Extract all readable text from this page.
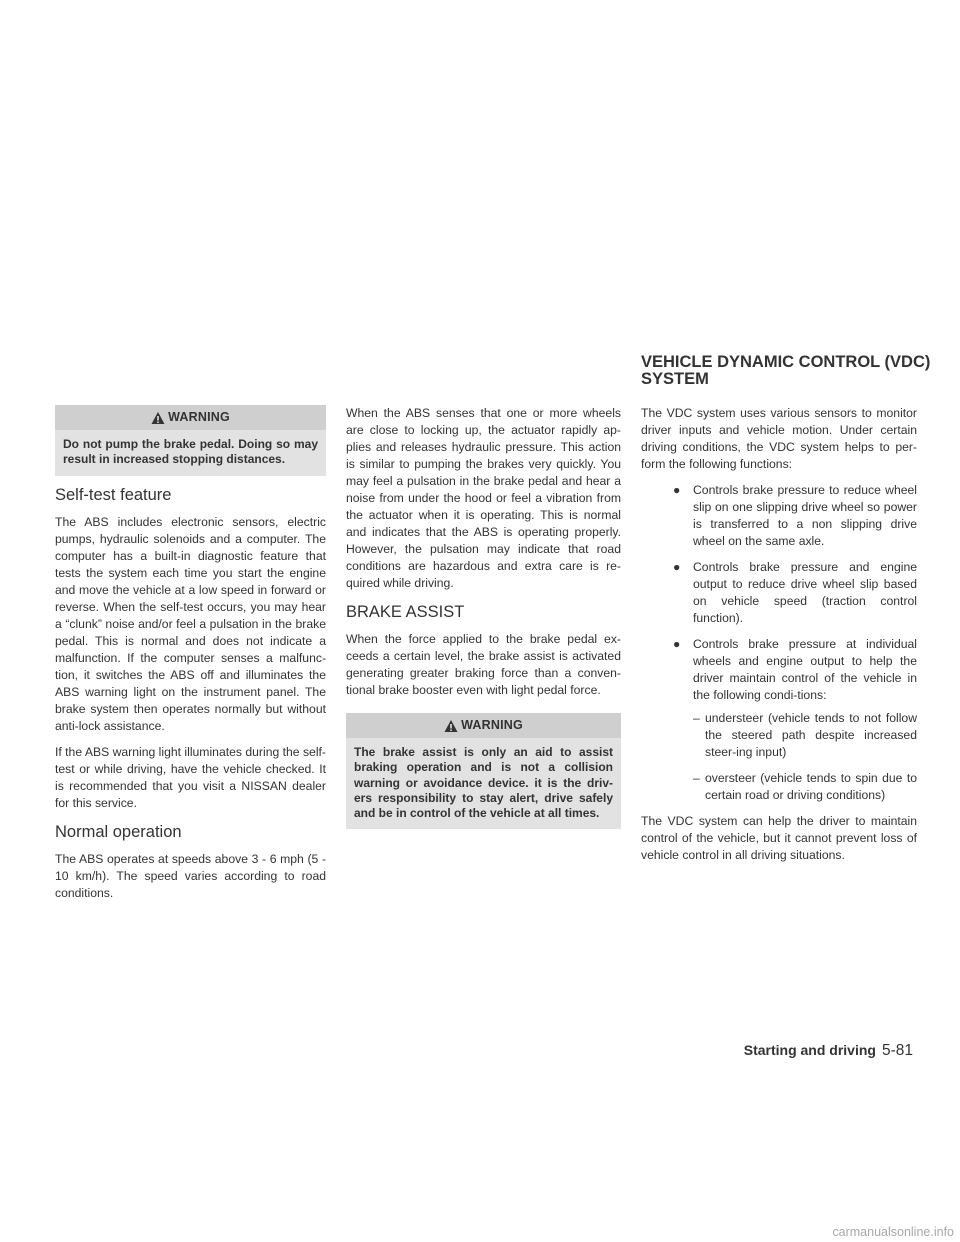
VEHICLE DYNAMIC CONTROL (VDC)
SYSTEM
WARNING
Do not pump the brake pedal. Doing so may result in increased stopping distances.
Self-test feature

The ABS includes electronic sensors, electric pumps, hydraulic solenoids and a computer. The computer has a built-in diagnostic feature that tests the system each time you start the engine and move the vehicle at a low speed in forward or reverse. When the self-test occurs, you may hear a “clunk” noise and/or feel a pulsation in the brake pedal. This is normal and does not indicate a malfunction. If the computer senses a malfunc-tion, it switches the ABS off and illuminates the ABS warning light on the instrument panel. The brake system then operates normally but without anti-lock assistance.

If the ABS warning light illuminates during the self-test or while driving, have the vehicle checked. It is recommended that you visit a NISSAN dealer for this service.

Normal operation

The ABS operates at speeds above 3 - 6 mph (5 - 10 km/h). The speed varies according to road conditions.

When the ABS senses that one or more wheels are close to locking up, the actuator rapidly ap-plies and releases hydraulic pressure. This action is similar to pumping the brakes very quickly. You may feel a pulsation in the brake pedal and hear a noise from under the hood or feel a vibration from the actuator when it is operating. This is normal and indicates that the ABS is operating properly. However, the pulsation may indicate that road conditions are hazardous and extra care is re-quired while driving.

BRAKE ASSIST

When the force applied to the brake pedal ex-ceeds a certain level, the brake assist is activated generating greater braking force than a conven-tional brake booster even with light pedal force.

WARNING
The brake assist is only an aid to assist braking operation and is not a collision warning or avoidance device. it is the driv-ers responsibility to stay alert, drive safely and be in control of the vehicle at all times.

The VDC system uses various sensors to monitor driver inputs and vehicle motion. Under certain driving conditions, the VDC system helps to per-form the following functions:

● Controls brake pressure to reduce wheel slip on one slipping drive wheel so power is transferred to a non slipping drive wheel on the same axle.
● Controls brake pressure and engine output to reduce drive wheel slip based on vehicle speed (traction control function).
● Controls brake pressure at individual wheels and engine output to help the driver maintain control of the vehicle in the following condi-tions:
– understeer (vehicle tends to not follow the steered path despite increased steer-ing input)
– oversteer (vehicle tends to spin due to certain road or driving conditions)

The VDC system can help the driver to maintain control of the vehicle, but it cannot prevent loss of vehicle control in all driving situations.

Starting and driving 5-81
carmanualsonline.info
